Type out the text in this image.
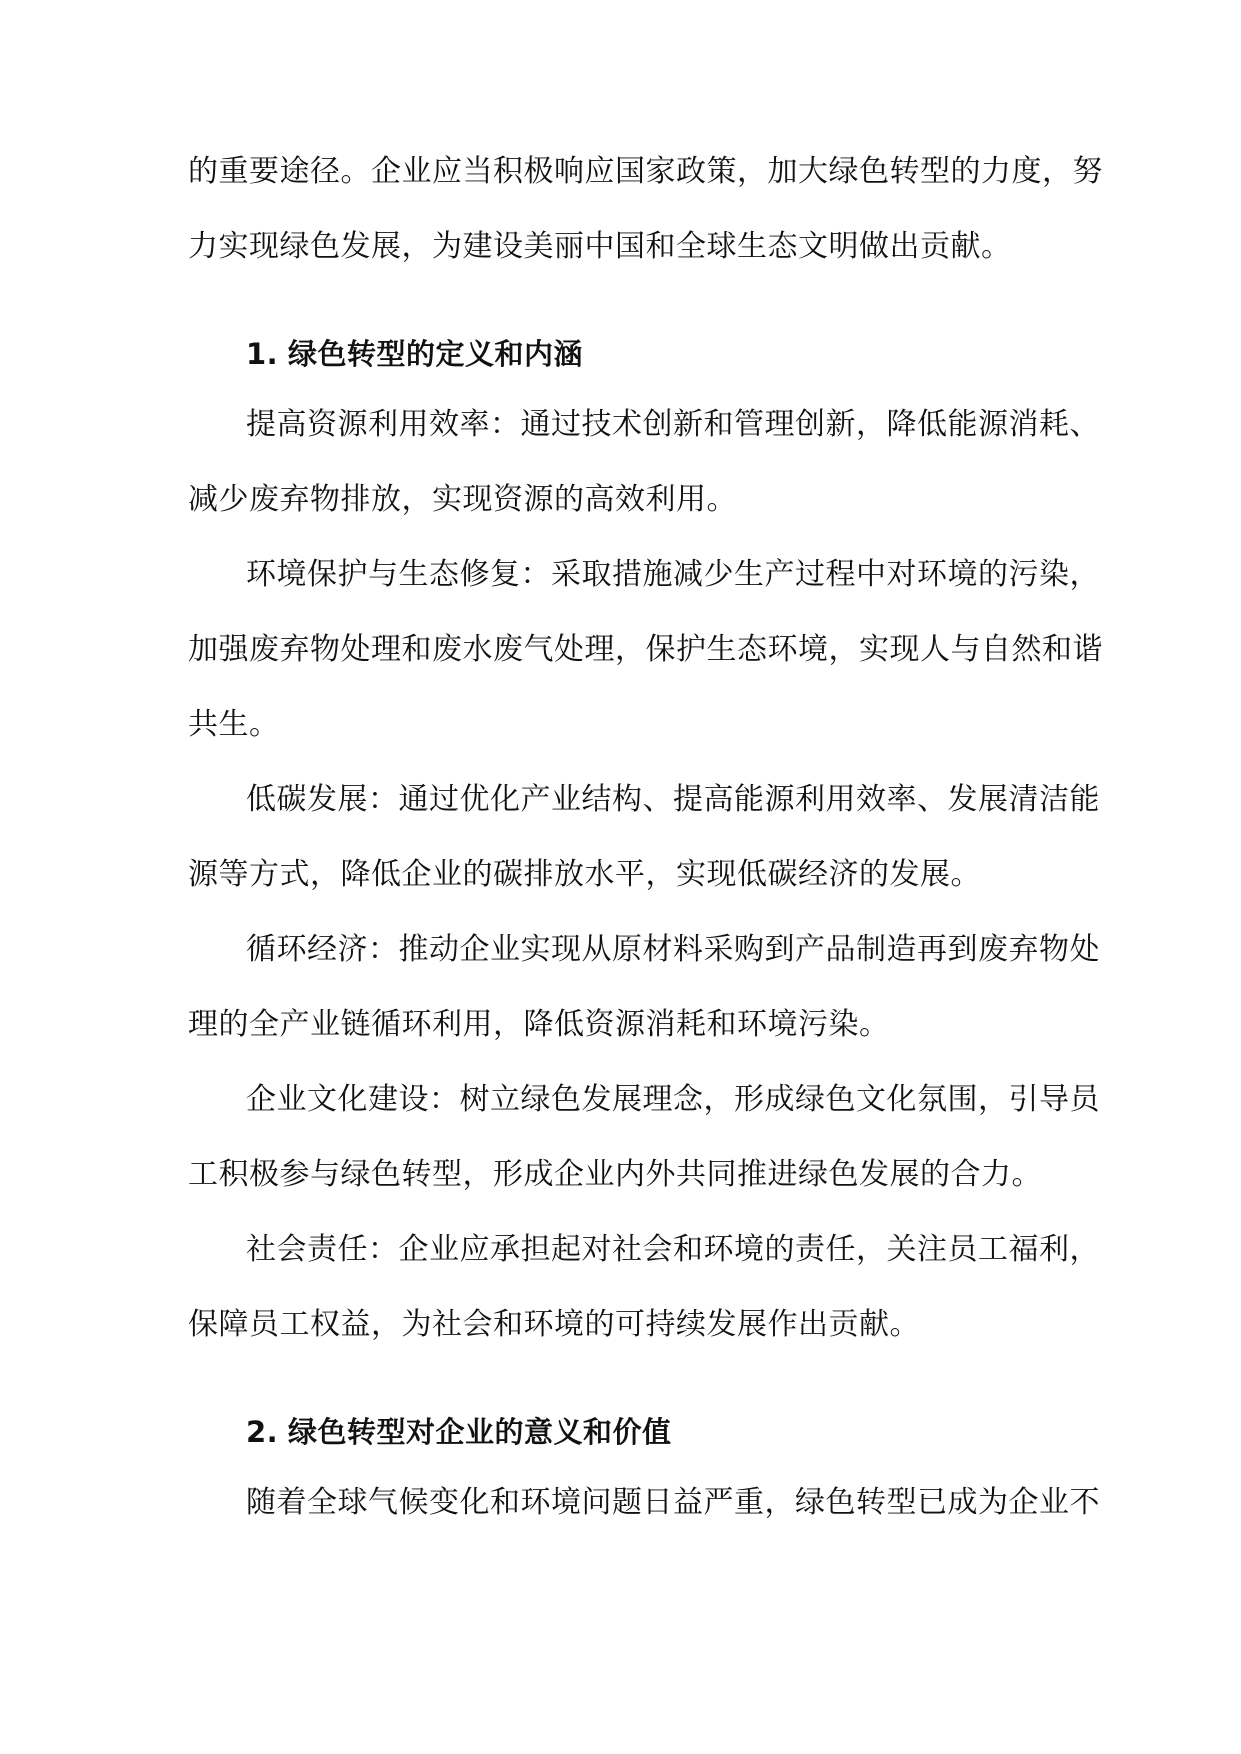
的重要途径。企业应当积极响应国家政策，加大绿色转型的力度，努
力实现绿色发展，为建设美丽中国和全球生态文明做出贡献。
1. 绿色转型的定义和内涵
提高资源利用效率：通过技术创新和管理创新，降低能源消耗、
减少废弃物排放，实现资源的高效利用。
环境保护与生态修复：采取措施减少生产过程中对环境的污染，
加强废弃物处理和废水废气处理，保护生态环境，实现人与自然和谐
共生。
低碳发展：通过优化产业结构、提高能源利用效率、发展清洁能
源等方式，降低企业的碳排放水平，实现低碳经济的发展。
循环经济：推动企业实现从原材料采购到产品制造再到废弃物处
理的全产业链循环利用，降低资源消耗和环境污染。
企业文化建设：树立绿色发展理念，形成绿色文化氛围，引导员
工积极参与绿色转型，形成企业内外共同推进绿色发展的合力。
社会责任：企业应承担起对社会和环境的责任，关注员工福利，
保障员工权益，为社会和环境的可持续发展作出贡献。
2. 绿色转型对企业的意义和价值
随着全球气候变化和环境问题日益严重，绿色转型已成为企业不
